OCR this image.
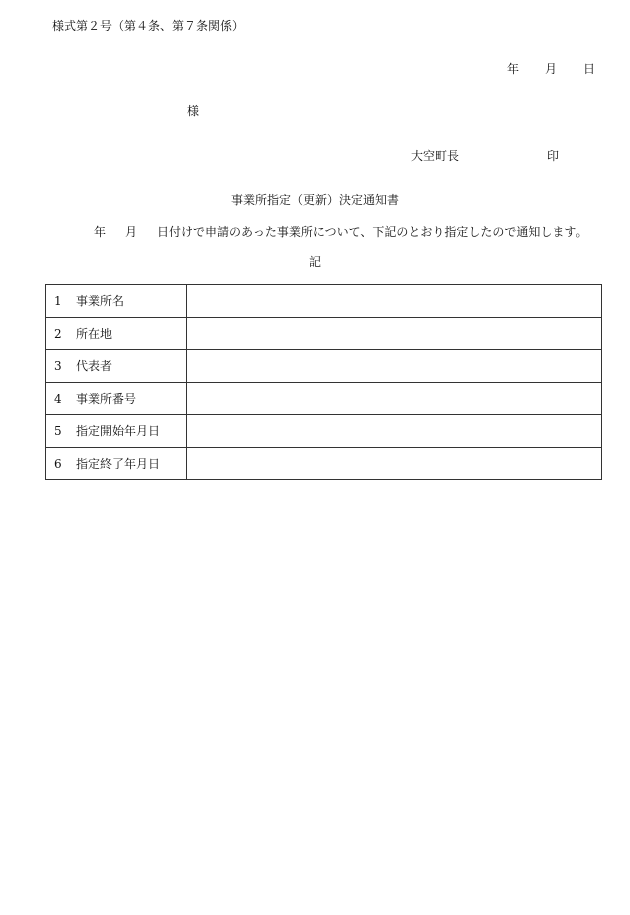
様式第２号（第４条、第７条関係）
年 月 日
様
大空町長	印
事業所指定（更新）決定通知書
年 月 日付けで申請のあった事業所について、下記のとおり指定したので通知します。
記
1 事業所名	
2 所在地	
3 代表者	
4 事業所番号	
5 指定開始年月日	
6 指定終了年月日	
